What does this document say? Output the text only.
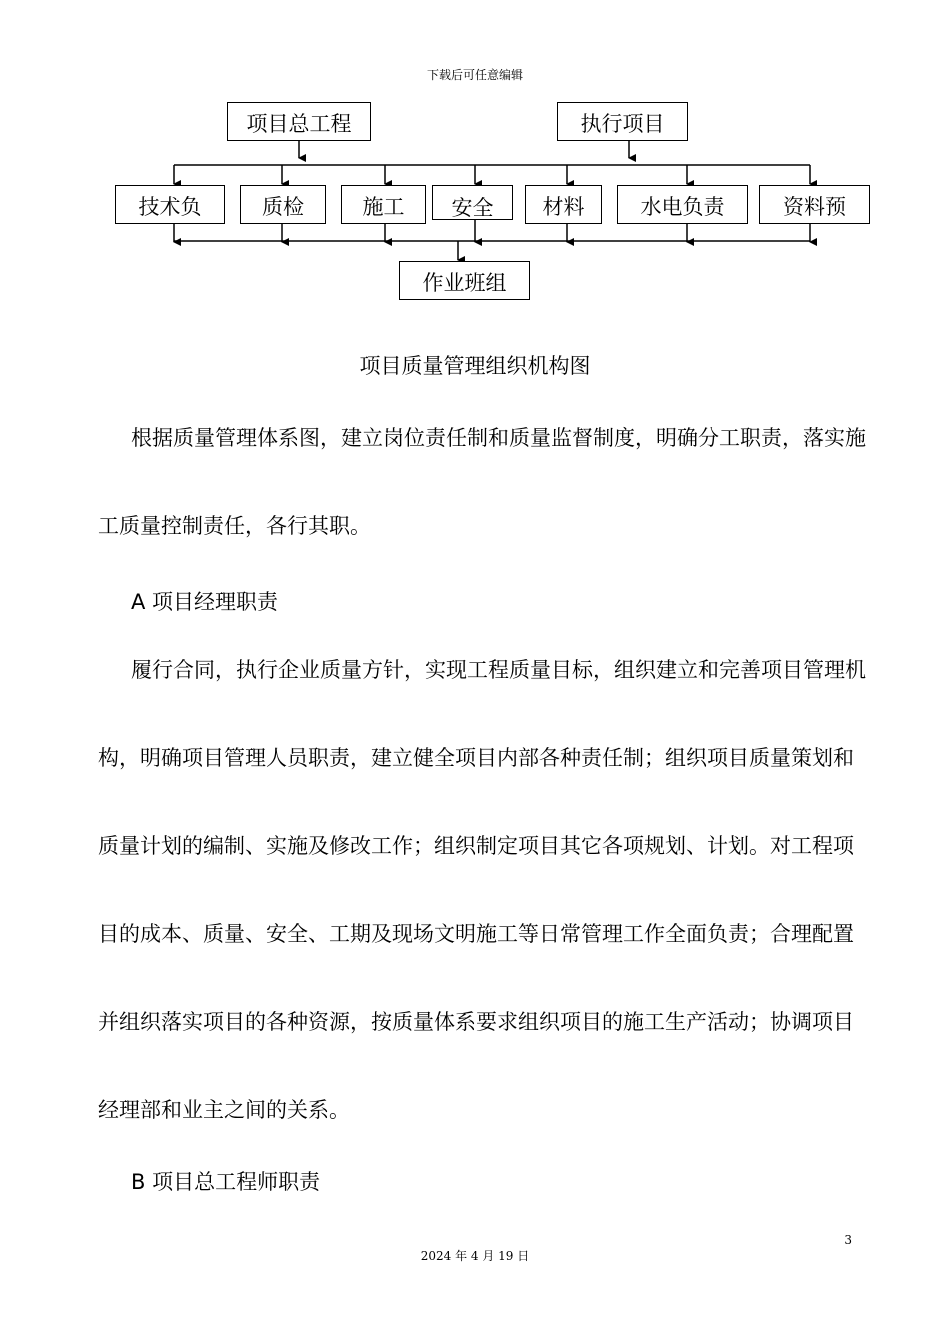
下载后可任意编辑
项目总工程	执行项目
技术负	质检	施工	安全	材料	水电负责	资料预
作业班组
项目质量管理组织机构图

根据质量管理体系图，建立岗位责任制和质量监督制度，明确分工职责，落实施工质量控制责任，各行其职。

A 项目经理职责

履行合同，执行企业质量方针，实现工程质量目标，组织建立和完善项目管理机构，明确项目管理人员职责，建立健全项目内部各种责任制；组织项目质量策划和质量计划的编制、实施及修改工作；组织制定项目其它各项规划、计划。对工程项目的成本、质量、安全、工期及现场文明施工等日常管理工作全面负责；合理配置并组织落实项目的各种资源，按质量体系要求组织项目的施工生产活动；协调项目经理部和业主之间的关系。

B 项目总工程师职责

3
2024 年 4 月 19 日
